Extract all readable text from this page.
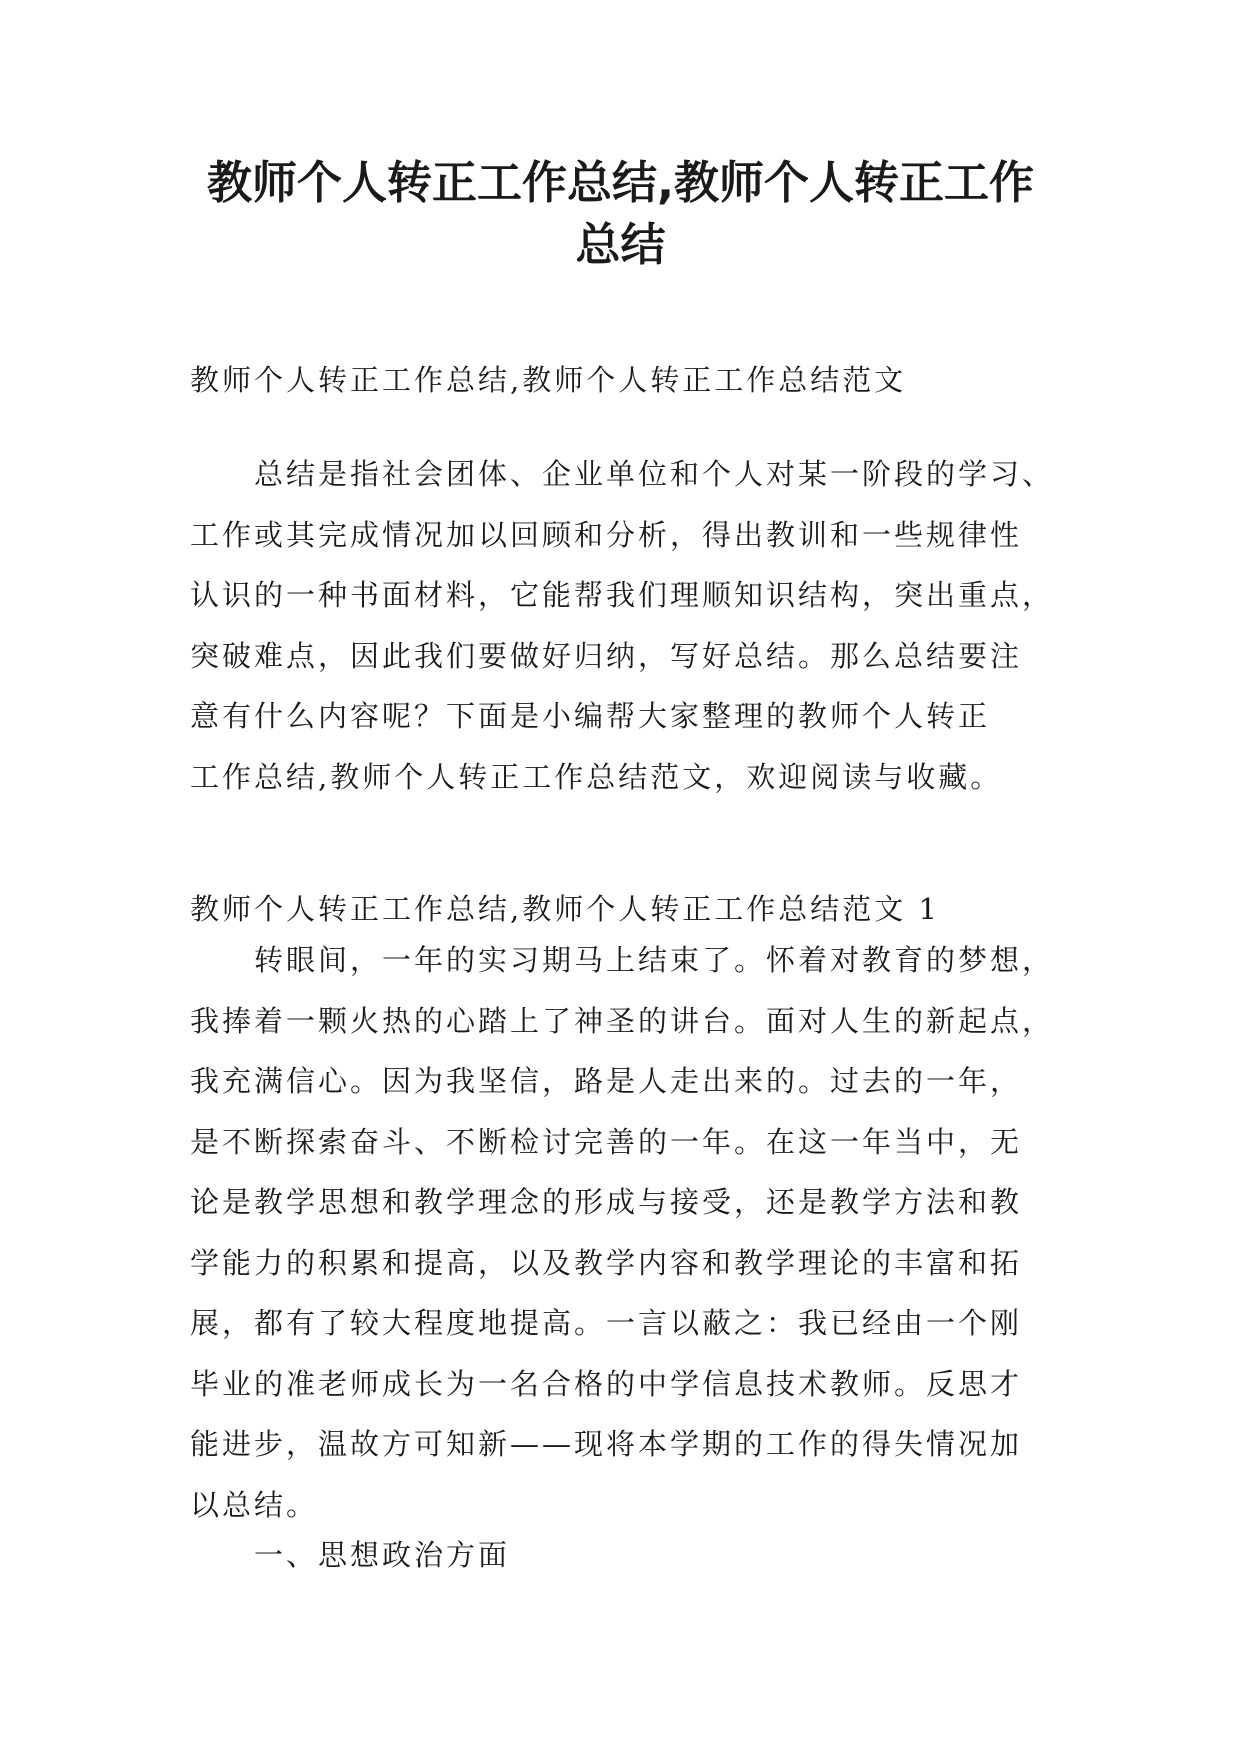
教师个人转正工作总结,教师个人转正工作
总结

教师个人转正工作总结,教师个人转正工作总结范文

总结是指社会团体、企业单位和个人对某一阶段的学习、
工作或其完成情况加以回顾和分析，得出教训和一些规律性
认识的一种书面材料，它能帮我们理顺知识结构，突出重点，
突破难点，因此我们要做好归纳，写好总结。那么总结要注
意有什么内容呢？下面是小编帮大家整理的教师个人转正
工作总结,教师个人转正工作总结范文，欢迎阅读与收藏。

教师个人转正工作总结,教师个人转正工作总结范文 1

转眼间，一年的实习期马上结束了。怀着对教育的梦想，
我捧着一颗火热的心踏上了神圣的讲台。面对人生的新起点，
我充满信心。因为我坚信，路是人走出来的。过去的一年，
是不断探索奋斗、不断检讨完善的一年。在这一年当中，无
论是教学思想和教学理念的形成与接受，还是教学方法和教
学能力的积累和提高，以及教学内容和教学理论的丰富和拓
展，都有了较大程度地提高。一言以蔽之：我已经由一个刚
毕业的准老师成长为一名合格的中学信息技术教师。反思才
能进步，温故方可知新——现将本学期的工作的得失情况加
以总结。

一、思想政治方面
